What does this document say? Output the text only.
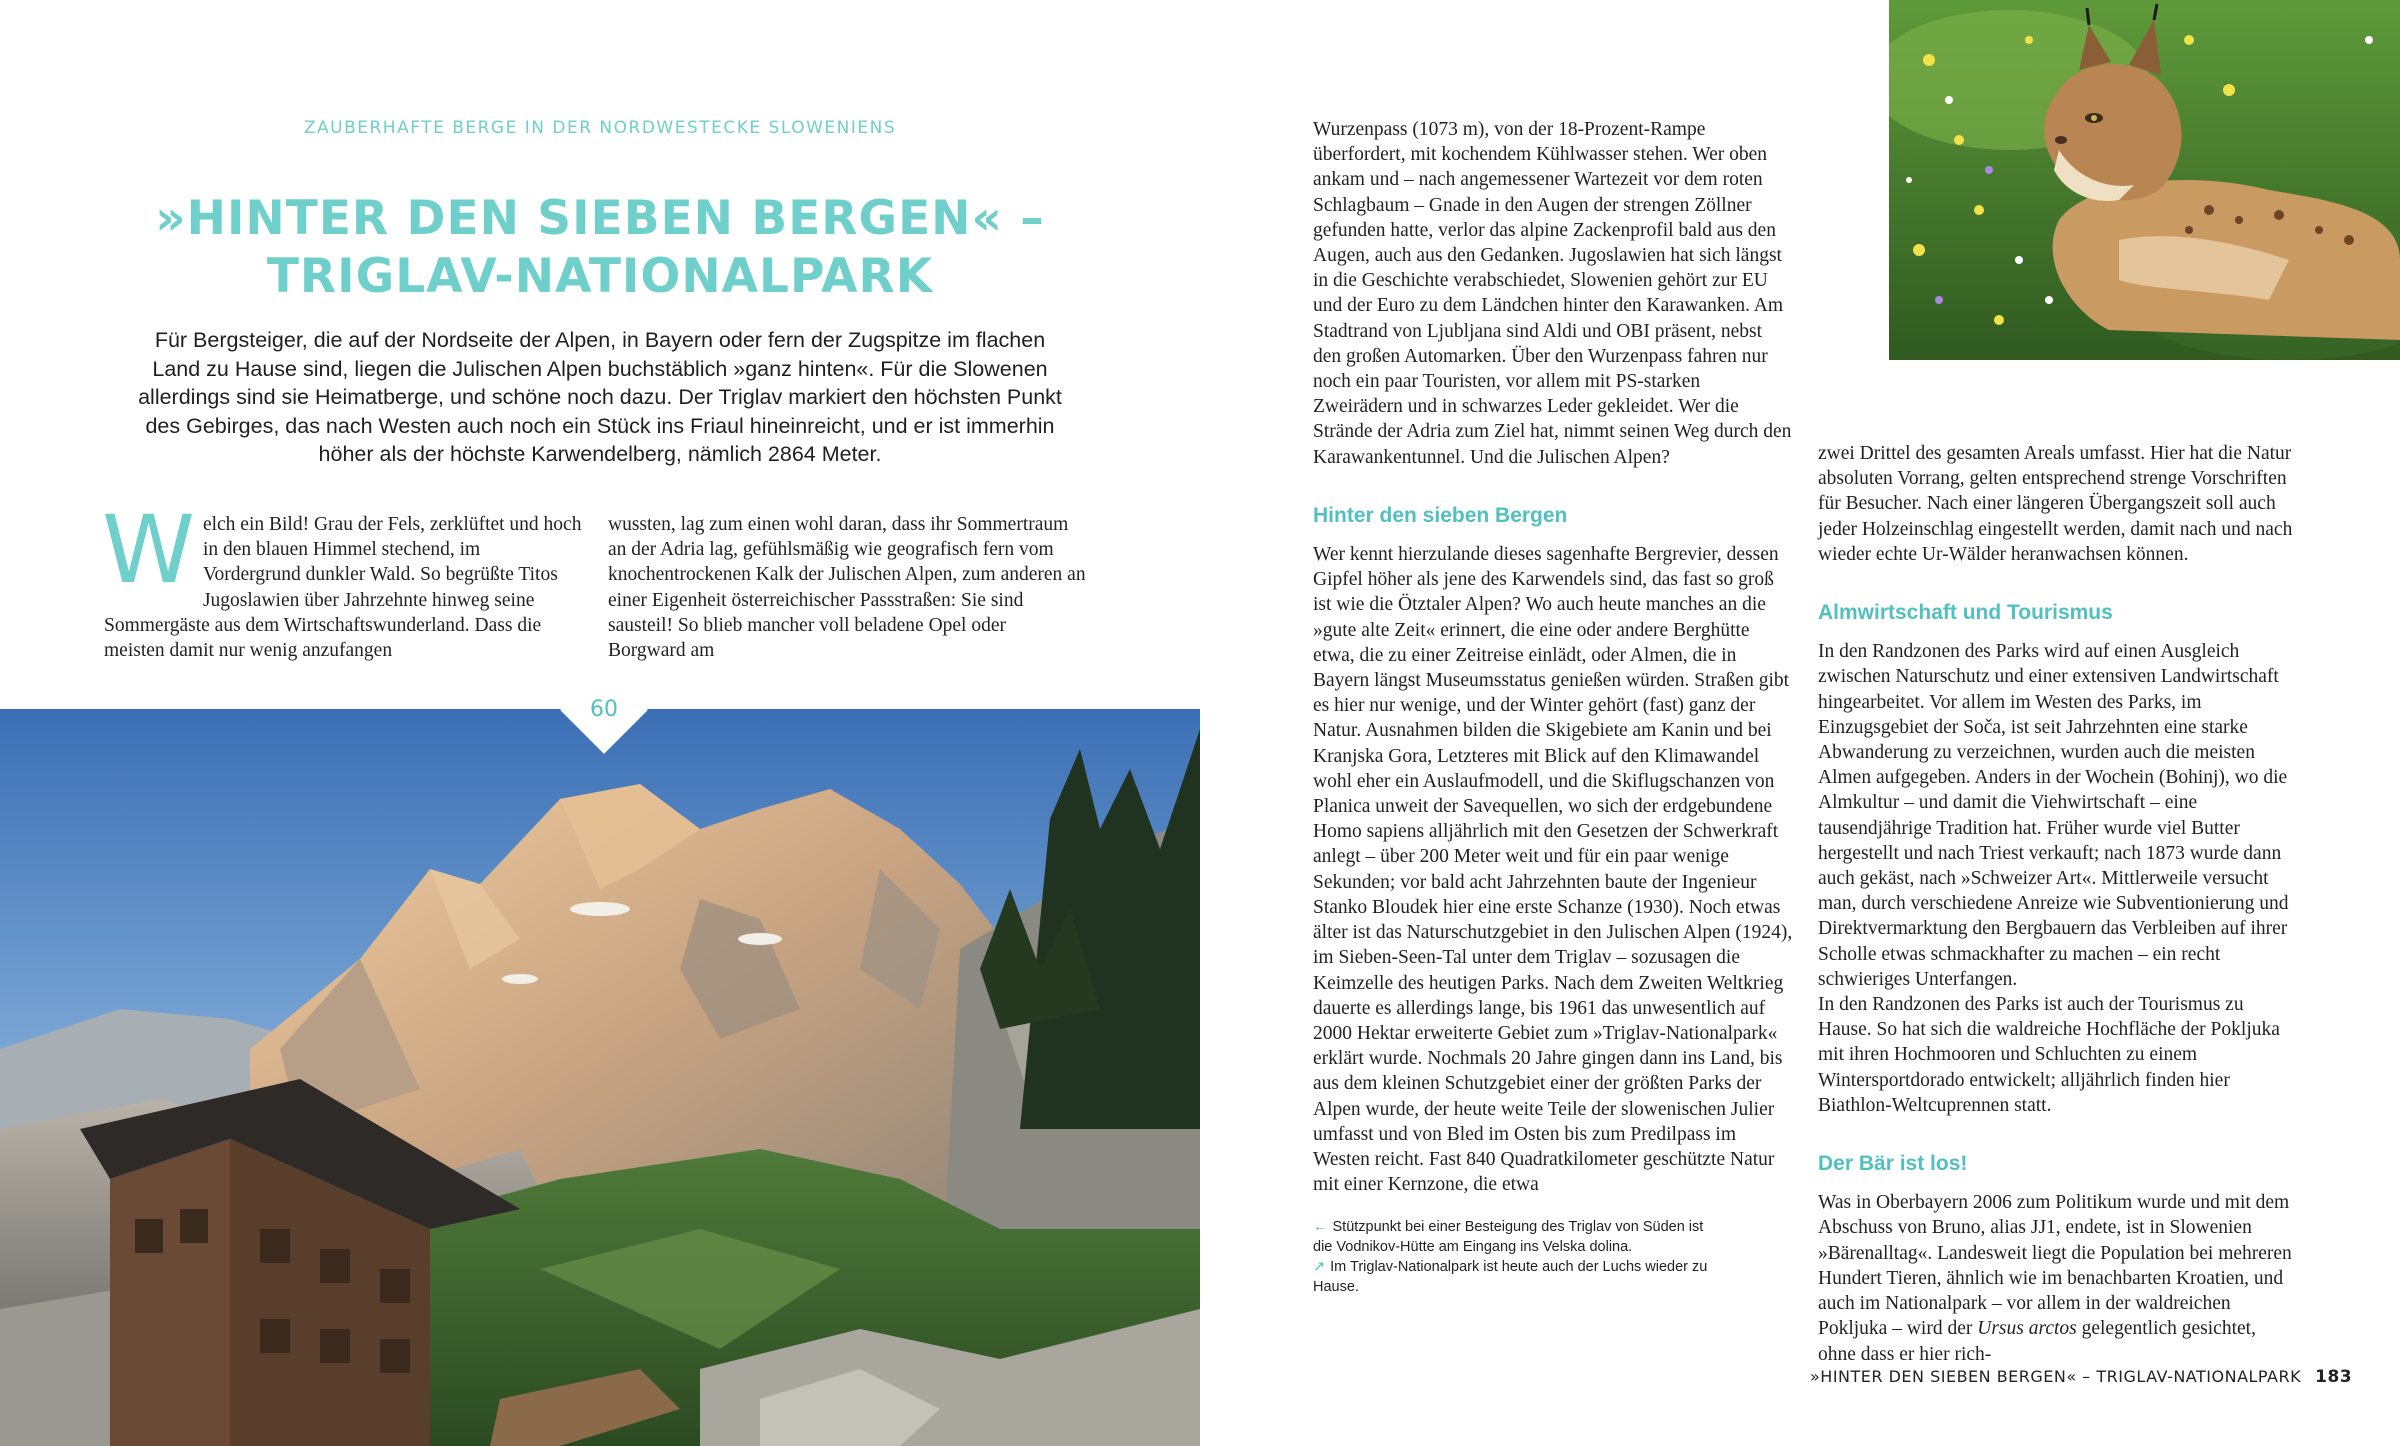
ZAUBERHAFTE BERGE IN DER NORDWESTECKE SLOWENIENS
»HINTER DEN SIEBEN BERGEN« –
TRIGLAV-NATIONALPARK
Für Bergsteiger, die auf der Nordseite der Alpen, in Bayern oder fern der Zugspitze im flachen Land zu Hause sind, liegen die Julischen Alpen buchstäblich »ganz hinten«. Für die Slowenen allerdings sind sie Heimatberge, und schöne noch dazu. Der Triglav markiert den höchsten Punkt des Gebirges, das nach Westen auch noch ein Stück ins Friaul hineinreicht, und er ist immerhin höher als der höchste Karwendelberg, nämlich 2864 Meter.
Welch ein Bild! Grau der Fels, zerklüftet und hoch in den blauen Himmel stechend, im Vordergrund dunkler Wald. So begrüßte Titos Jugoslawien über Jahrzehnte hinweg seine Sommergäste aus dem Wirtschaftswunderland. Dass die meisten damit nur wenig anzufangen
wussten, lag zum einen wohl daran, dass ihr Sommertraum an der Adria lag, gefühlsmäßig wie geografisch fern vom knochentrockenen Kalk der Julischen Alpen, zum anderen an einer Eigenheit österreichischer Passstraßen: Sie sind sausteil! So blieb mancher voll beladene Opel oder Borgward am
Wurzenpass (1073 m), von der 18-Prozent-Rampe überfordert, mit kochendem Kühlwasser stehen. Wer oben ankam und – nach angemessener Wartezeit vor dem roten Schlagbaum – Gnade in den Augen der strengen Zöllner gefunden hatte, verlor das alpine Zackenprofil bald aus den Augen, auch aus den Gedanken. Jugoslawien hat sich längst in die Geschichte verabschiedet, Slowenien gehört zur EU und der Euro zu dem Ländchen hinter den Karawanken. Am Stadtrand von Ljubljana sind Aldi und OBI präsent, nebst den großen Automarken. Über den Wurzenpass fahren nur noch ein paar Touristen, vor allem mit PS-starken Zweirädern und in schwarzes Leder gekleidet. Wer die Strände der Adria zum Ziel hat, nimmt seinen Weg durch den Karawankentunnel. Und die Julischen Alpen?
Hinter den sieben Bergen
Wer kennt hierzulande dieses sagenhafte Bergrevier, dessen Gipfel höher als jene des Karwendels sind, das fast so groß ist wie die Ötztaler Alpen? Wo auch heute manches an die »gute alte Zeit« erinnert, die eine oder andere Berghütte etwa, die zu einer Zeitreise einlädt, oder Almen, die in Bayern längst Museumsstatus genießen würden. Straßen gibt es hier nur wenige, und der Winter gehört (fast) ganz der Natur. Ausnahmen bilden die Skigebiete am Kanin und bei Kranjska Gora, Letzteres mit Blick auf den Klimawandel wohl eher ein Auslaufmodell, und die Skiflugschanzen von Planica unweit der Savequellen, wo sich der erdgebundene Homo sapiens alljährlich mit den Gesetzen der Schwerkraft anlegt – über 200 Meter weit und für ein paar wenige Sekunden; vor bald acht Jahrzehnten baute der Ingenieur Stanko Bloudek hier eine erste Schanze (1930). Noch etwas älter ist das Naturschutzgebiet in den Julischen Alpen (1924), im Sieben-Seen-Tal unter dem Triglav – sozusagen die Keimzelle des heutigen Parks. Nach dem Zweiten Weltkrieg dauerte es allerdings lange, bis 1961 das unwesentlich auf 2000 Hektar erweiterte Gebiet zum »Triglav-Nationalpark« erklärt wurde. Nochmals 20 Jahre gingen dann ins Land, bis aus dem kleinen Schutzgebiet einer der größten Parks der Alpen wurde, der heute weite Teile der slowenischen Julier umfasst und von Bled im Osten bis zum Predilpass im Westen reicht. Fast 840 Quadratkilometer geschützte Natur mit einer Kernzone, die etwa
zwei Drittel des gesamten Areals umfasst. Hier hat die Natur absoluten Vorrang, gelten entsprechend strenge Vorschriften für Besucher. Nach einer längeren Übergangszeit soll auch jeder Holzeinschlag eingestellt werden, damit nach und nach wieder echte Ur-Wälder heranwachsen können.
Almwirtschaft und Tourismus
In den Randzonen des Parks wird auf einen Ausgleich zwischen Naturschutz und einer extensiven Landwirtschaft hingearbeitet. Vor allem im Westen des Parks, im Einzugsgebiet der Soča, ist seit Jahrzehnten eine starke Abwanderung zu verzeichnen, wurden auch die meisten Almen aufgegeben. Anders in der Wochein (Bohinj), wo die Almkultur – und damit die Viehwirtschaft – eine tausendjährige Tradition hat. Früher wurde viel Butter hergestellt und nach Triest verkauft; nach 1873 wurde dann auch gekäst, nach »Schweizer Art«. Mittlerweile versucht man, durch verschiedene Anreize wie Subventionierung und Direktvermarktung den Bergbauern das Verbleiben auf ihrer Scholle etwas schmackhafter zu machen – ein recht schwieriges Unterfangen.
In den Randzonen des Parks ist auch der Tourismus zu Hause. So hat sich die waldreiche Hochfläche der Pokljuka mit ihren Hochmooren und Schluchten zu einem Wintersportdorado entwickelt; alljährlich finden hier Biathlon-Weltcuprennen statt.
Der Bär ist los!
Was in Oberbayern 2006 zum Politikum wurde und mit dem Abschuss von Bruno, alias JJ1, endete, ist in Slowenien »Bärenalltag«. Landesweit liegt die Population bei mehreren Hundert Tieren, ähnlich wie im benachbarten Kroatien, und auch im Nationalpark – vor allem in der waldreichen Pokljuka – wird der Ursus arctos gelegentlich gesichtet, ohne dass er hier rich-
← Stützpunkt bei einer Besteigung des Triglav von Süden ist die Vodnikov-Hütte am Eingang ins Velska dolina.
↗ Im Triglav-Nationalpark ist heute auch der Luchs wieder zu Hause.
60
»HINTER DEN SIEBEN BERGEN« – TRIGLAV-NATIONALPARK 183
